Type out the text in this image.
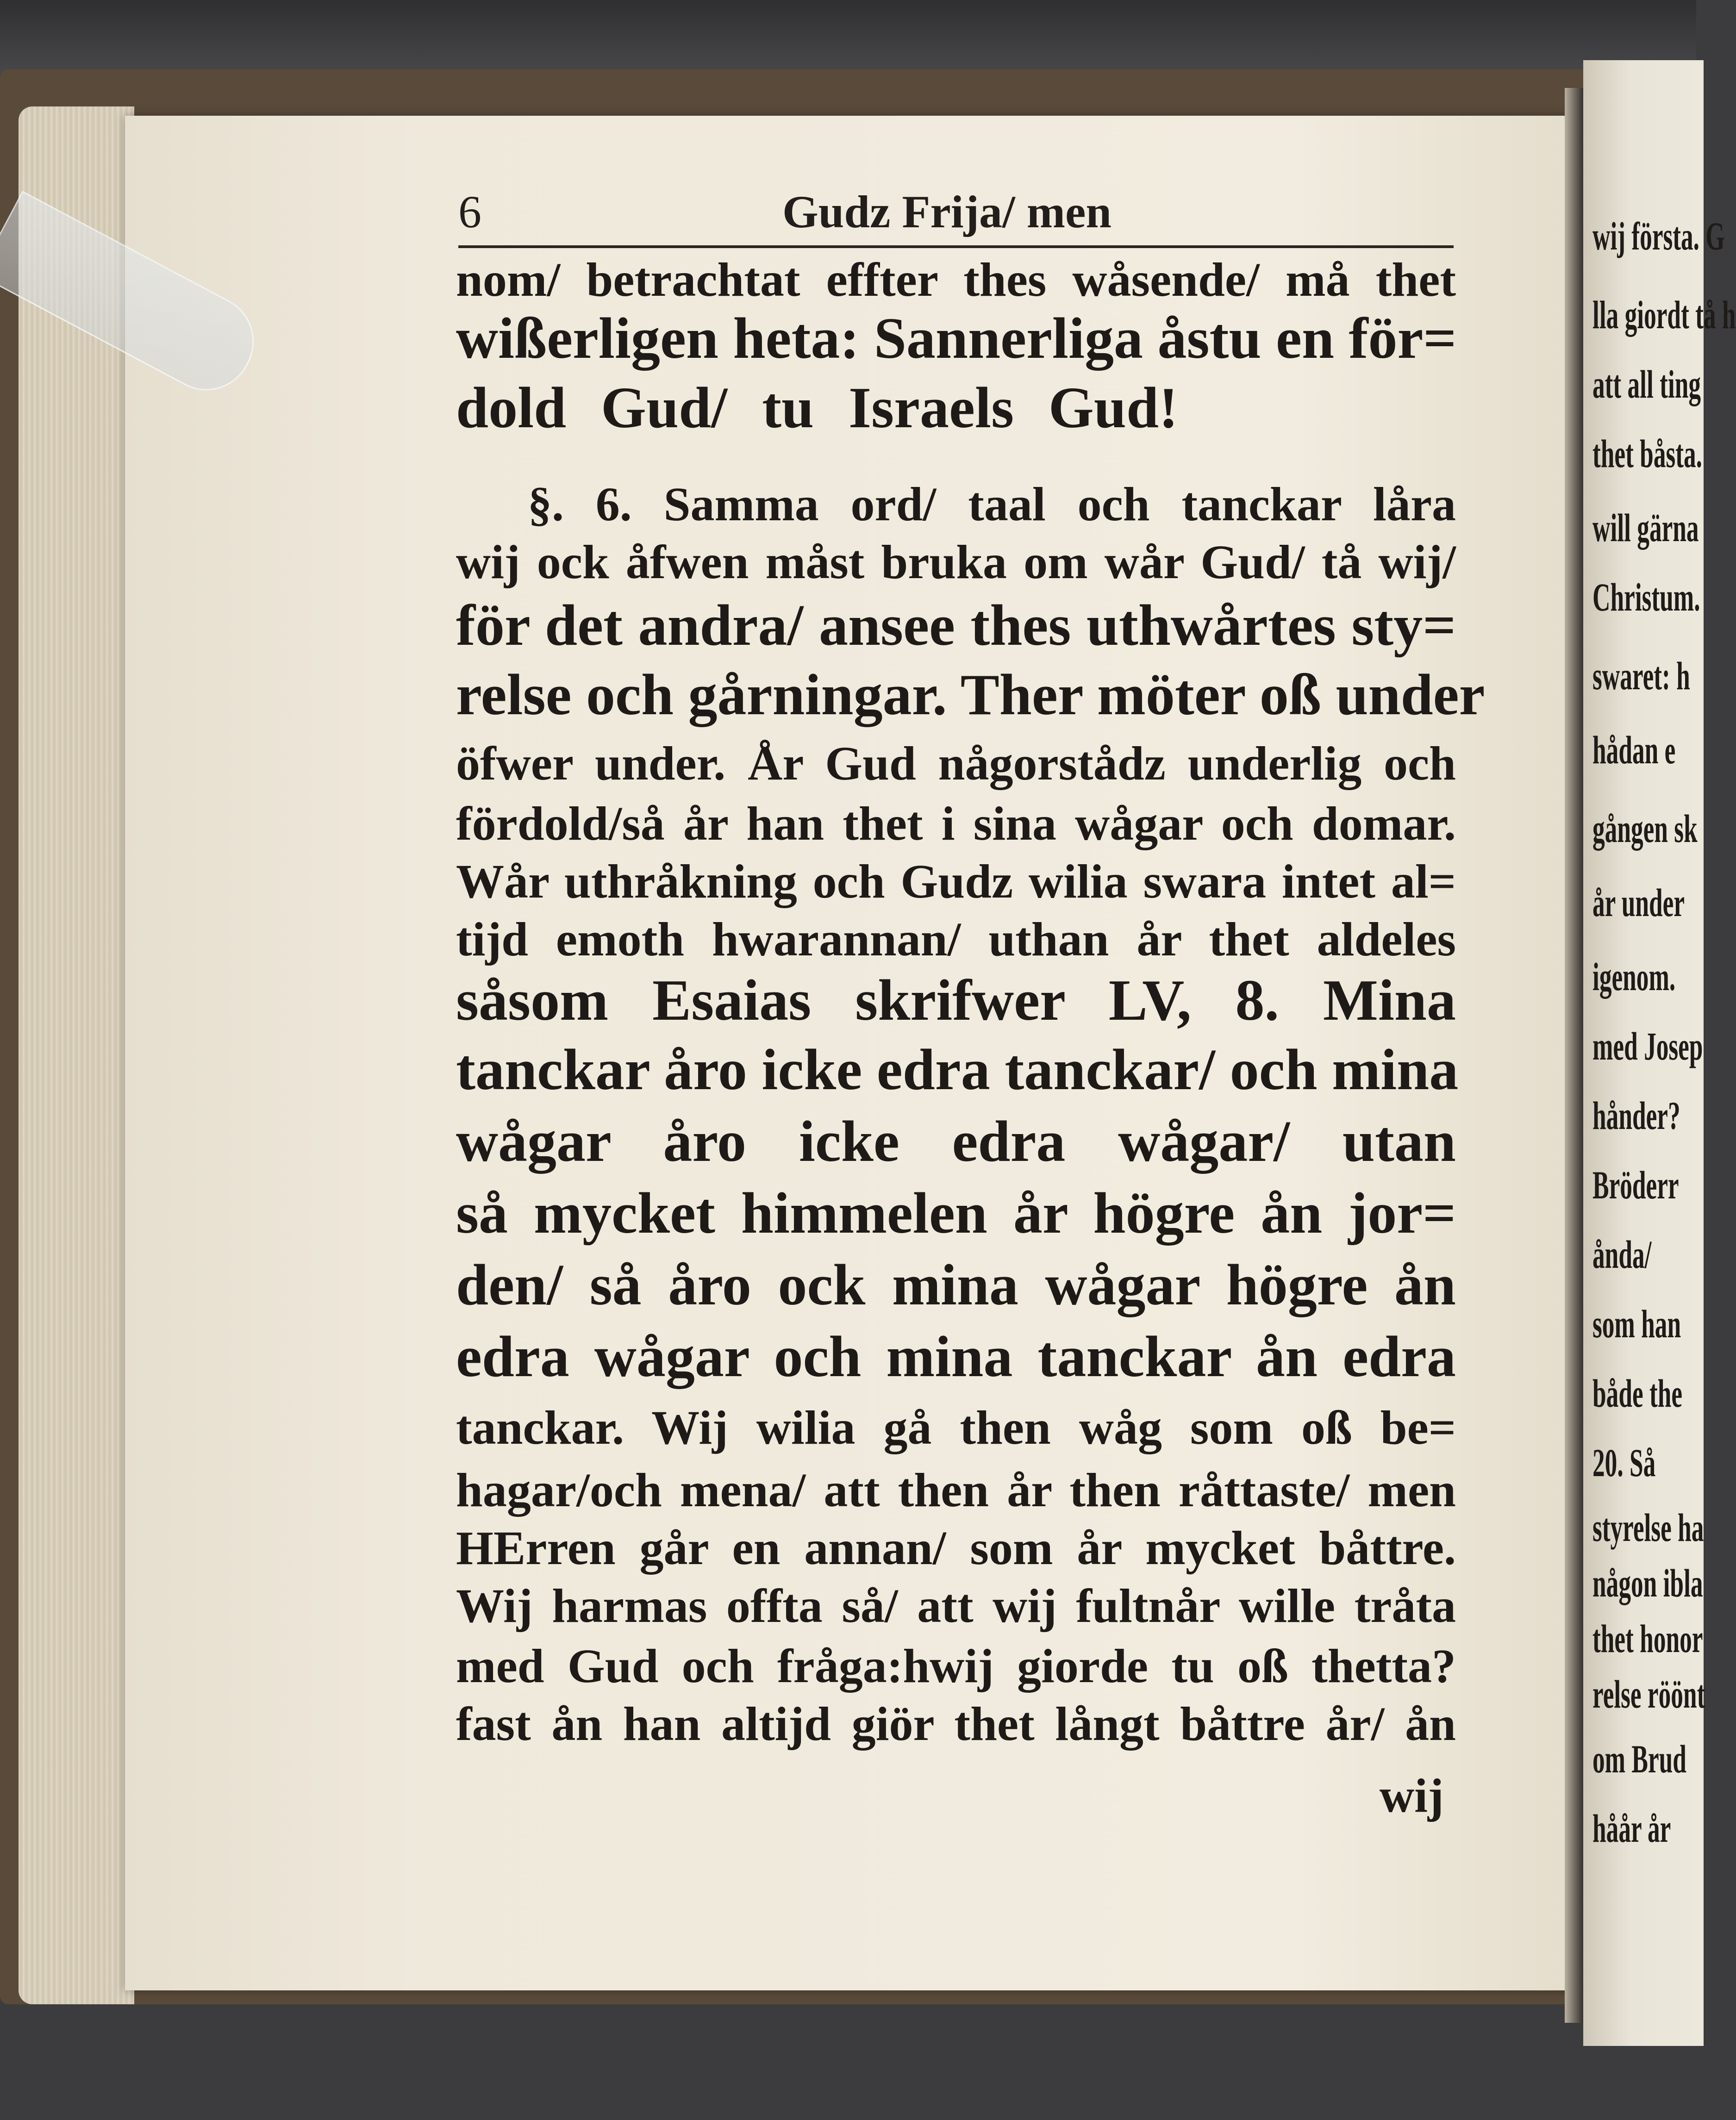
wij första. G
lla giordt tå h
att all ting
thet båsta.
will gärna
Christum.
swaret: h
hådan e
gången sk
år under
igenom.
med Josep
hånder?
Bröderr
ånda/
som han
både the
20. Så
styrelse ha
någon ibla
thet honor
relse röönt
om Brud
håår år
6	Gudz Frija/ men
nom/ betrachtat effter thes wåsende/ må thet
wißerligen heta: Sannerliga åstu en för=
dold Gud/ tu Israels Gud!
§. 6. Samma ord/ taal och tanckar låra
wij ock åfwen måst bruka om wår Gud/ tå wij/
för det andra/ ansee thes uthwårtes sty=
relse och gårningar. Ther möter oß under
öfwer under. År Gud någorstådz underlig och
fördold/så år han thet i sina wågar och domar.
Wår uthråkning och Gudz wilia swara intet al=
tijd emoth hwarannan/ uthan år thet aldeles
såsom Esaias skrifwer LV, 8. Mina
tanckar åro icke edra tanckar/ och mina
wågar åro icke edra wågar/ utan
så mycket himmelen år högre ån jor=
den/ så åro ock mina wågar högre ån
edra wågar och mina tanckar ån edra
tanckar. Wij wilia gå then wåg som oß be=
hagar/och mena/ att then år then råttaste/ men
HErren går en annan/ som år mycket båttre.
Wij harmas offta så/ att wij fultnår wille tråta
med Gud och fråga:hwij giorde tu oß thetta?
fast ån han altijd giör thet långt båttre år/ ån
wij
